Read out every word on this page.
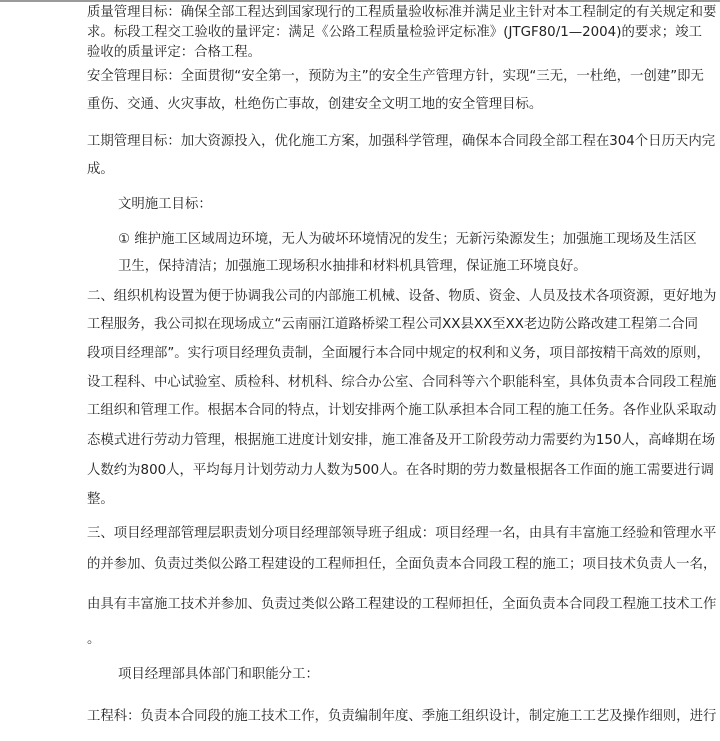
质量管理目标：确保全部工程达到国家现行的工程质量验收标准并满足业主针对本工程制定的有关规定和要
求。标段工程交工验收的量评定：满足《公路工程质量检验评定标准》(JTGF80/1—2004)的要求；竣工
验收的质量评定：合格工程。
安全管理目标：全面贯彻“安全第一，预防为主”的安全生产管理方针，实现“三无，一杜绝，一创建”即无
重伤、交通、火灾事故，杜绝伤亡事故，创建安全文明工地的安全管理目标。
工期管理目标：加大资源投入，优化施工方案，加强科学管理，确保本合同段全部工程在304个日历天内完
成。
文明施工目标：
① 维护施工区域周边环境，无人为破坏环境情况的发生；无新污染源发生；加强施工现场及生活区
卫生，保持清洁；加强施工现场积水抽排和材料机具管理，保证施工环境良好。
二、组织机构设置为便于协调我公司的内部施工机械、设备、物质、资金、人员及技术各项资源，更好地为
工程服务，我公司拟在现场成立“云南丽江道路桥梁工程公司XX县XX至XX老边防公路改建工程第二合同
段项目经理部”。实行项目经理负责制，全面履行本合同中规定的权利和义务，项目部按精干高效的原则，
设工程科、中心试验室、质检科、材机科、综合办公室、合同科等六个职能科室，具体负责本合同段工程施
工组织和管理工作。根据本合同的特点，计划安排两个施工队承担本合同工程的施工任务。各作业队采取动
态模式进行劳动力管理，根据施工进度计划安排，施工准备及开工阶段劳动力需要约为150人，高峰期在场
人数约为800人，平均每月计划劳动力人数为500人。在各时期的劳力数量根据各工作面的施工需要进行调
整。
三、项目经理部管理层职责划分项目经理部领导班子组成：项目经理一名，由具有丰富施工经验和管理水平
的并参加、负责过类似公路工程建设的工程师担任，全面负责本合同段工程的施工；项目技术负责人一名，
由具有丰富施工技术并参加、负责过类似公路工程建设的工程师担任，全面负责本合同段工程施工技术工作
。
项目经理部具体部门和职能分工：
工程科：负责本合同段的施工技术工作，负责编制年度、季施工组织设计，制定施工工艺及操作细则，进行
